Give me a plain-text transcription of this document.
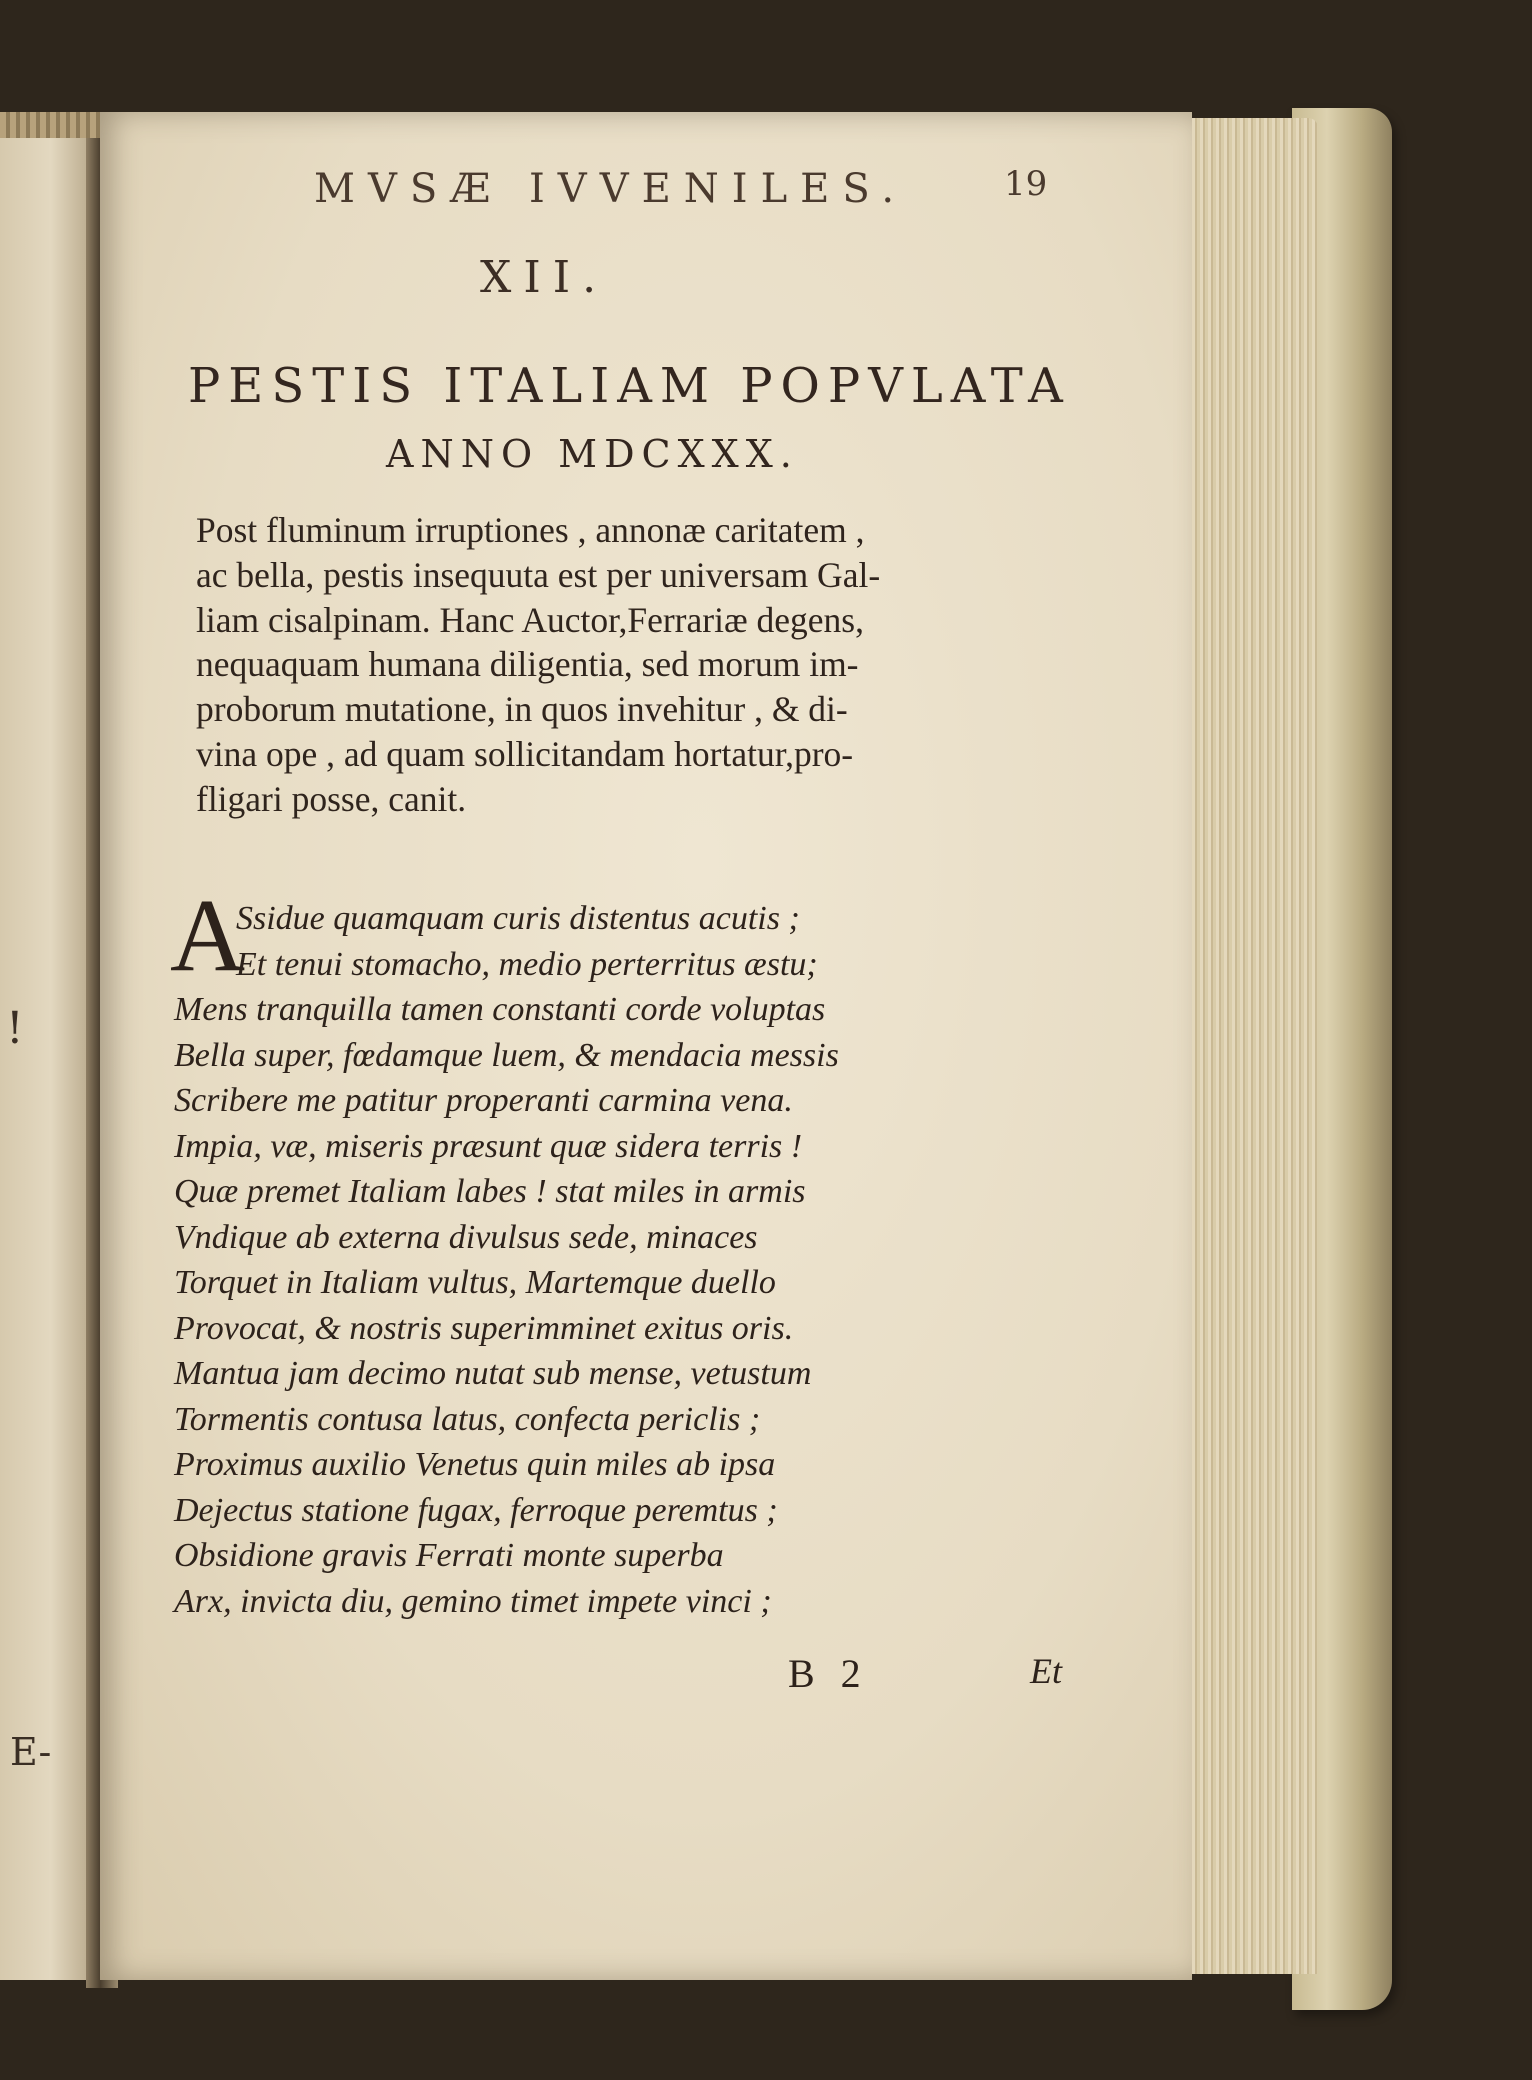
!
E-
MVSÆ IVVENILES.	19
XII.
PESTIS ITALIAM POPVLATA
ANNO MDCXXX.
Post fluminum irruptiones , annonæ caritatem ,
ac bella, pestis insequuta est per universam Gal-
liam cisalpinam. Hanc Auctor,Ferrariæ degens,
nequaquam humana diligentia, sed morum im-
proborum mutatione, in quos invehitur , & di-
vina ope , ad quam sollicitandam hortatur,pro-
fligari posse, canit.
A
Ssidue quamquam curis distentus acutis ;
Et tenui stomacho, medio perterritus æstu;
Mens tranquilla tamen constanti corde voluptas
Bella super, fœdamque luem, & mendacia messis
Scribere me patitur properanti carmina vena.
Impia, væ, miseris præsunt quæ sidera terris !
Quæ premet Italiam labes ! stat miles in armis
Vndique ab externa divulsus sede, minaces
Torquet in Italiam vultus, Martemque duello
Provocat, & nostris superimminet exitus oris.
Mantua jam decimo nutat sub mense, vetustum
Tormentis contusa latus, confecta periclis ;
Proximus auxilio Venetus quin miles ab ipsa
Dejectus statione fugax, ferroque peremtus ;
Obsidione gravis Ferrati monte superba
Arx, invicta diu, gemino timet impete vinci ;
B 2	Et
